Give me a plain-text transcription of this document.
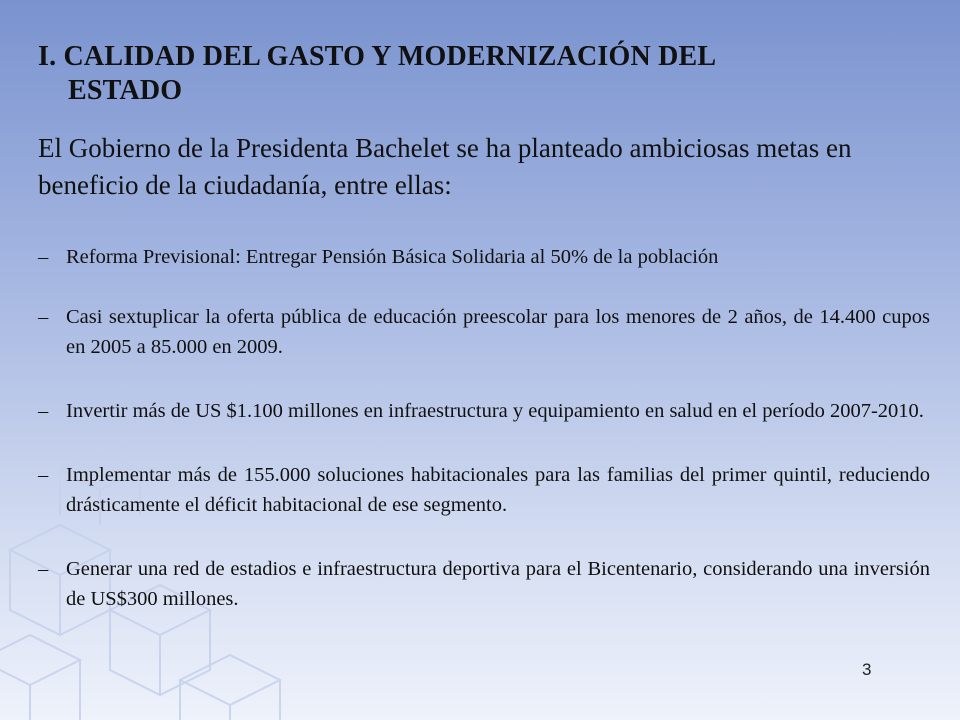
I. CALIDAD DEL GASTO Y MODERNIZACIÓN DEL
ESTADO
El Gobierno de la Presidenta Bachelet se ha planteado ambiciosas metas en beneficio de la ciudadanía, entre ellas:
– Reforma Previsional: Entregar Pensión Básica Solidaria al 50% de la población
– Casi sextuplicar la oferta pública de educación preescolar para los menores de 2 años, de 14.400 cupos en 2005 a 85.000 en 2009.
– Invertir más de US $1.100 millones en infraestructura y equipamiento en salud en el período 2007-2010.
– Implementar más de 155.000 soluciones habitacionales para las familias del primer quintil, reduciendo drásticamente el déficit habitacional de ese segmento.
– Generar una red de estadios e infraestructura deportiva para el Bicentenario, considerando una inversión de US$300 millones.
3
